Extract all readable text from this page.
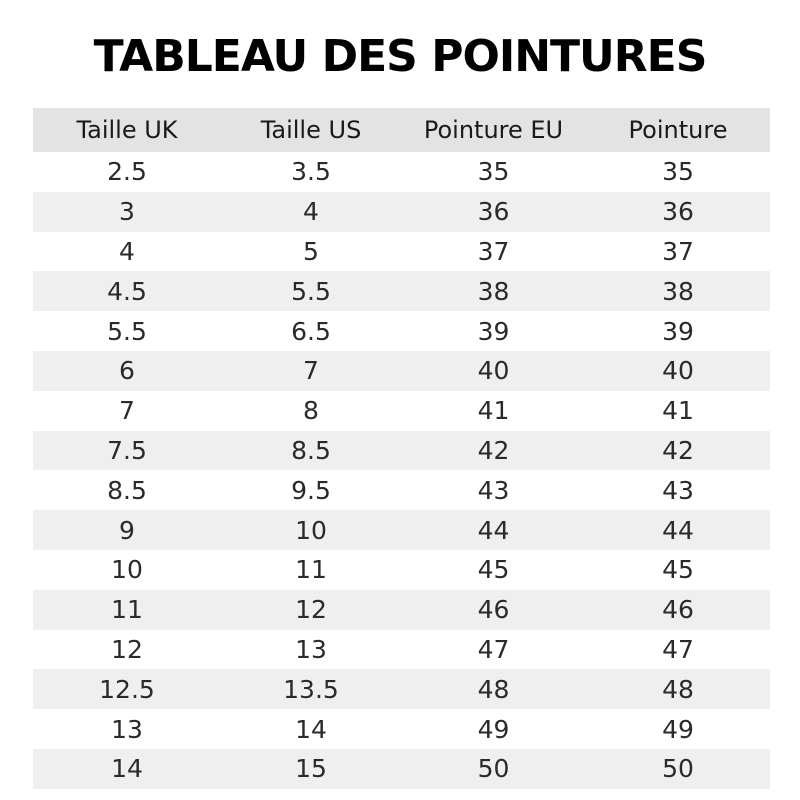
TABLEAU DES POINTURES
Taille UK	Taille US	Pointure EU	Pointure
2.5	3.5	35	35
3	4	36	36
4	5	37	37
4.5	5.5	38	38
5.5	6.5	39	39
6	7	40	40
7	8	41	41
7.5	8.5	42	42
8.5	9.5	43	43
9	10	44	44
10	11	45	45
11	12	46	46
12	13	47	47
12.5	13.5	48	48
13	14	49	49
14	15	50	50
